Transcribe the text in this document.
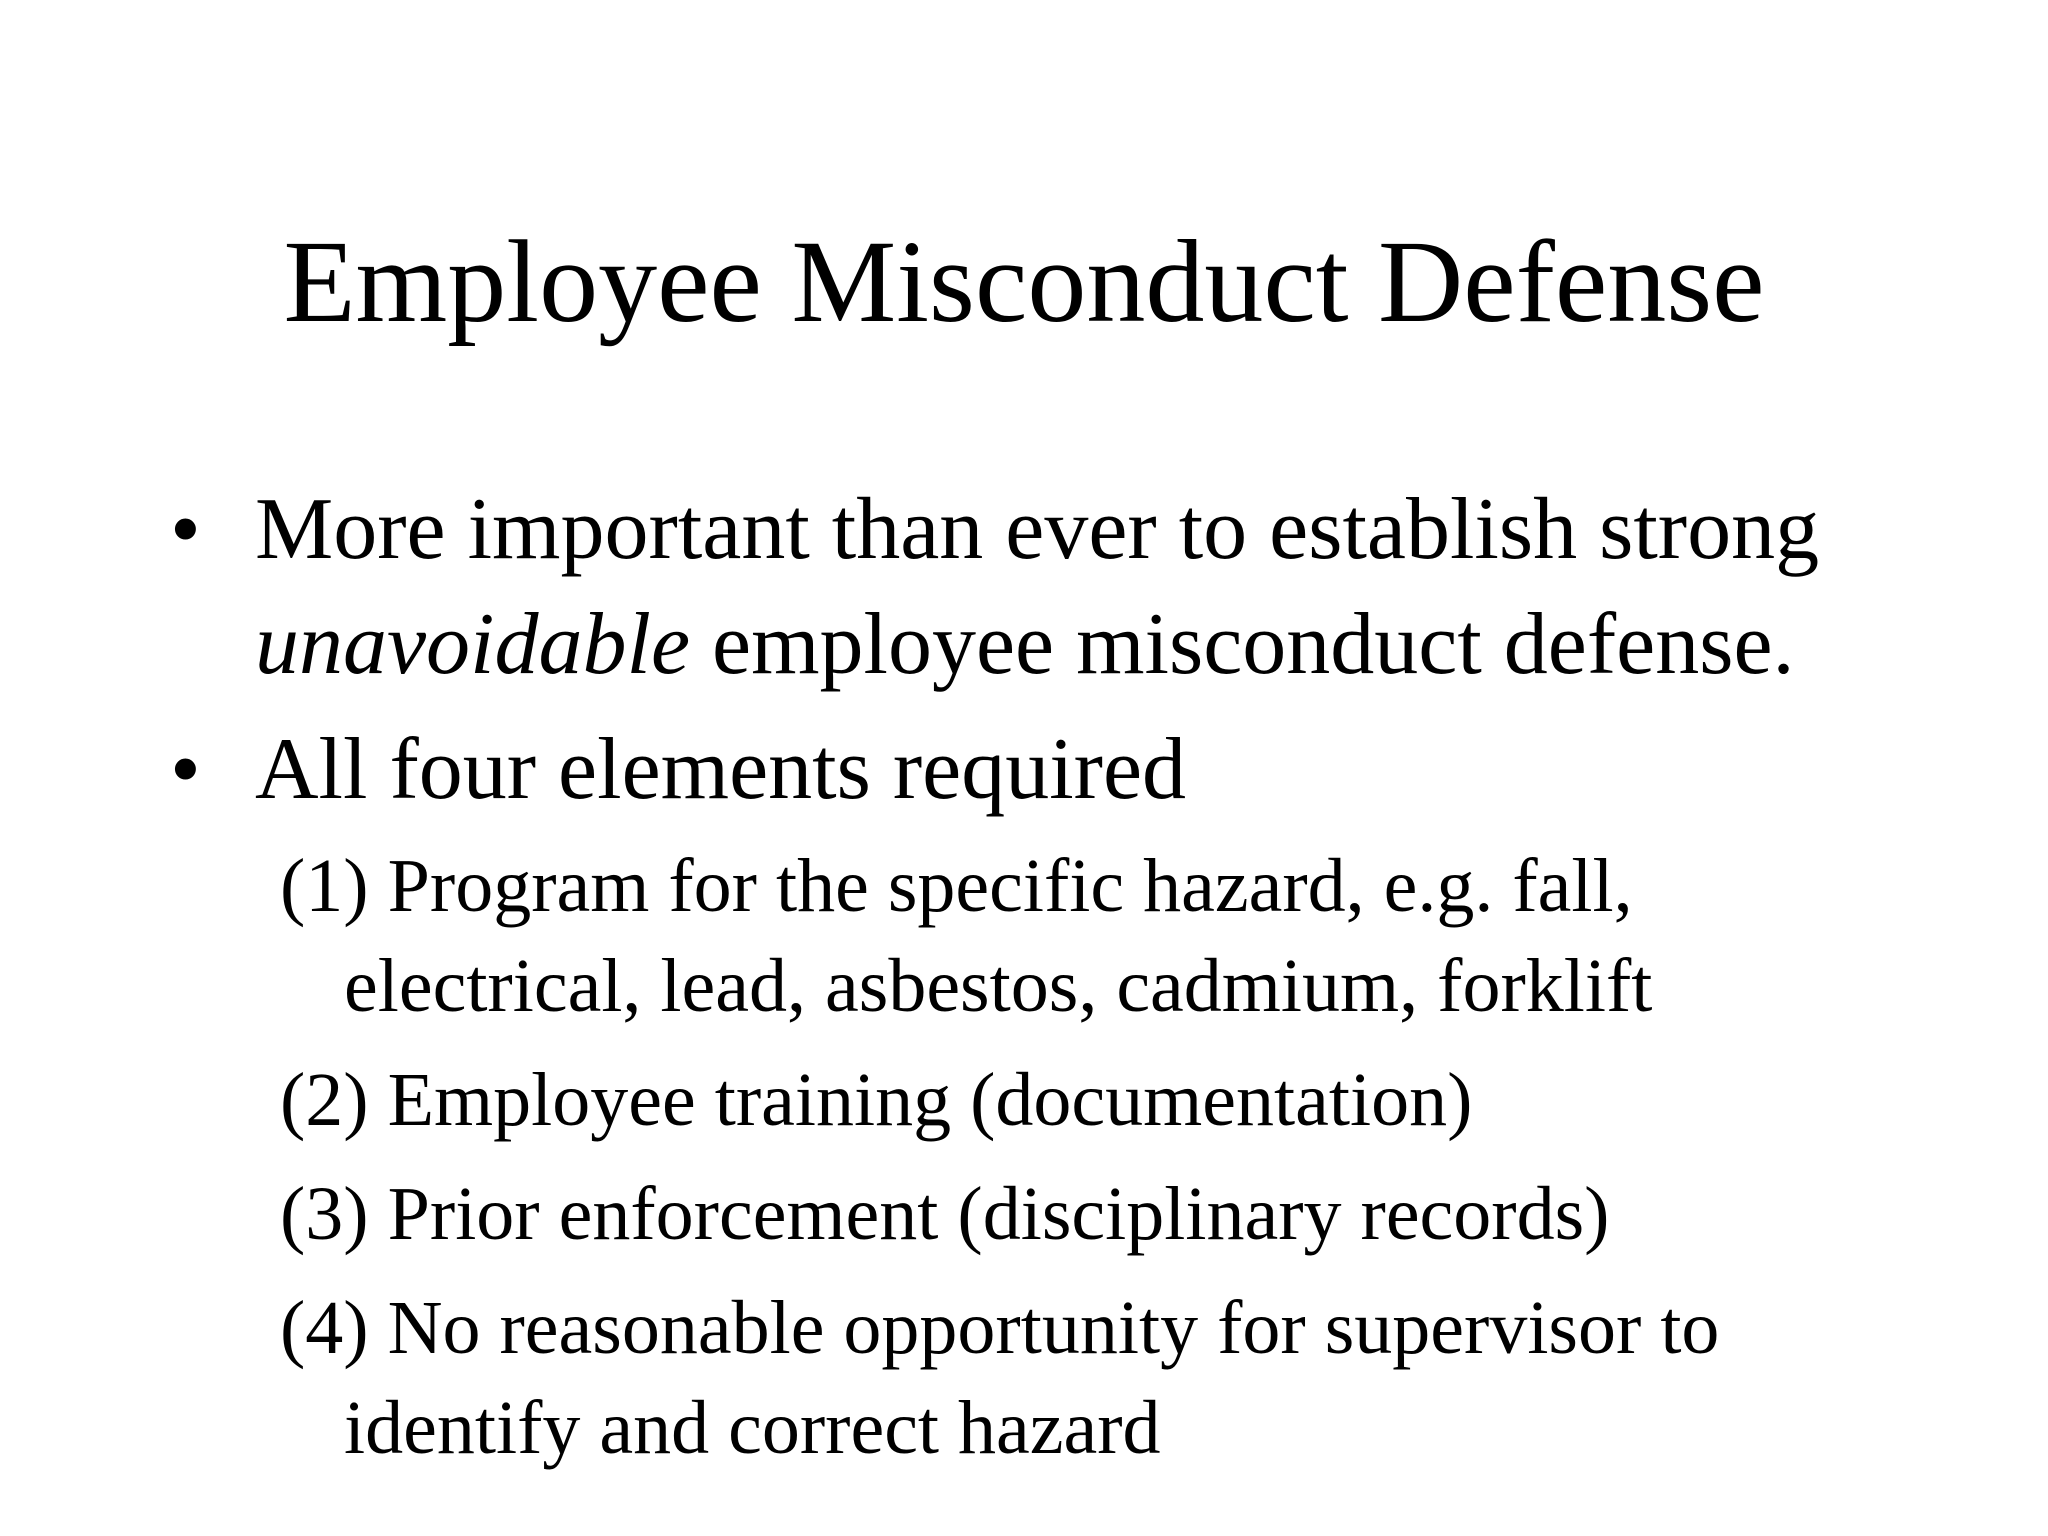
Employee Misconduct Defense
• More important than ever to establish strong
unavoidable employee misconduct defense.
• All four elements required
(1) Program for the specific hazard, e.g. fall,
electrical, lead, asbestos, cadmium, forklift
(2) Employee training (documentation)
(3) Prior enforcement (disciplinary records)
(4) No reasonable opportunity for supervisor to
identify and correct hazard
